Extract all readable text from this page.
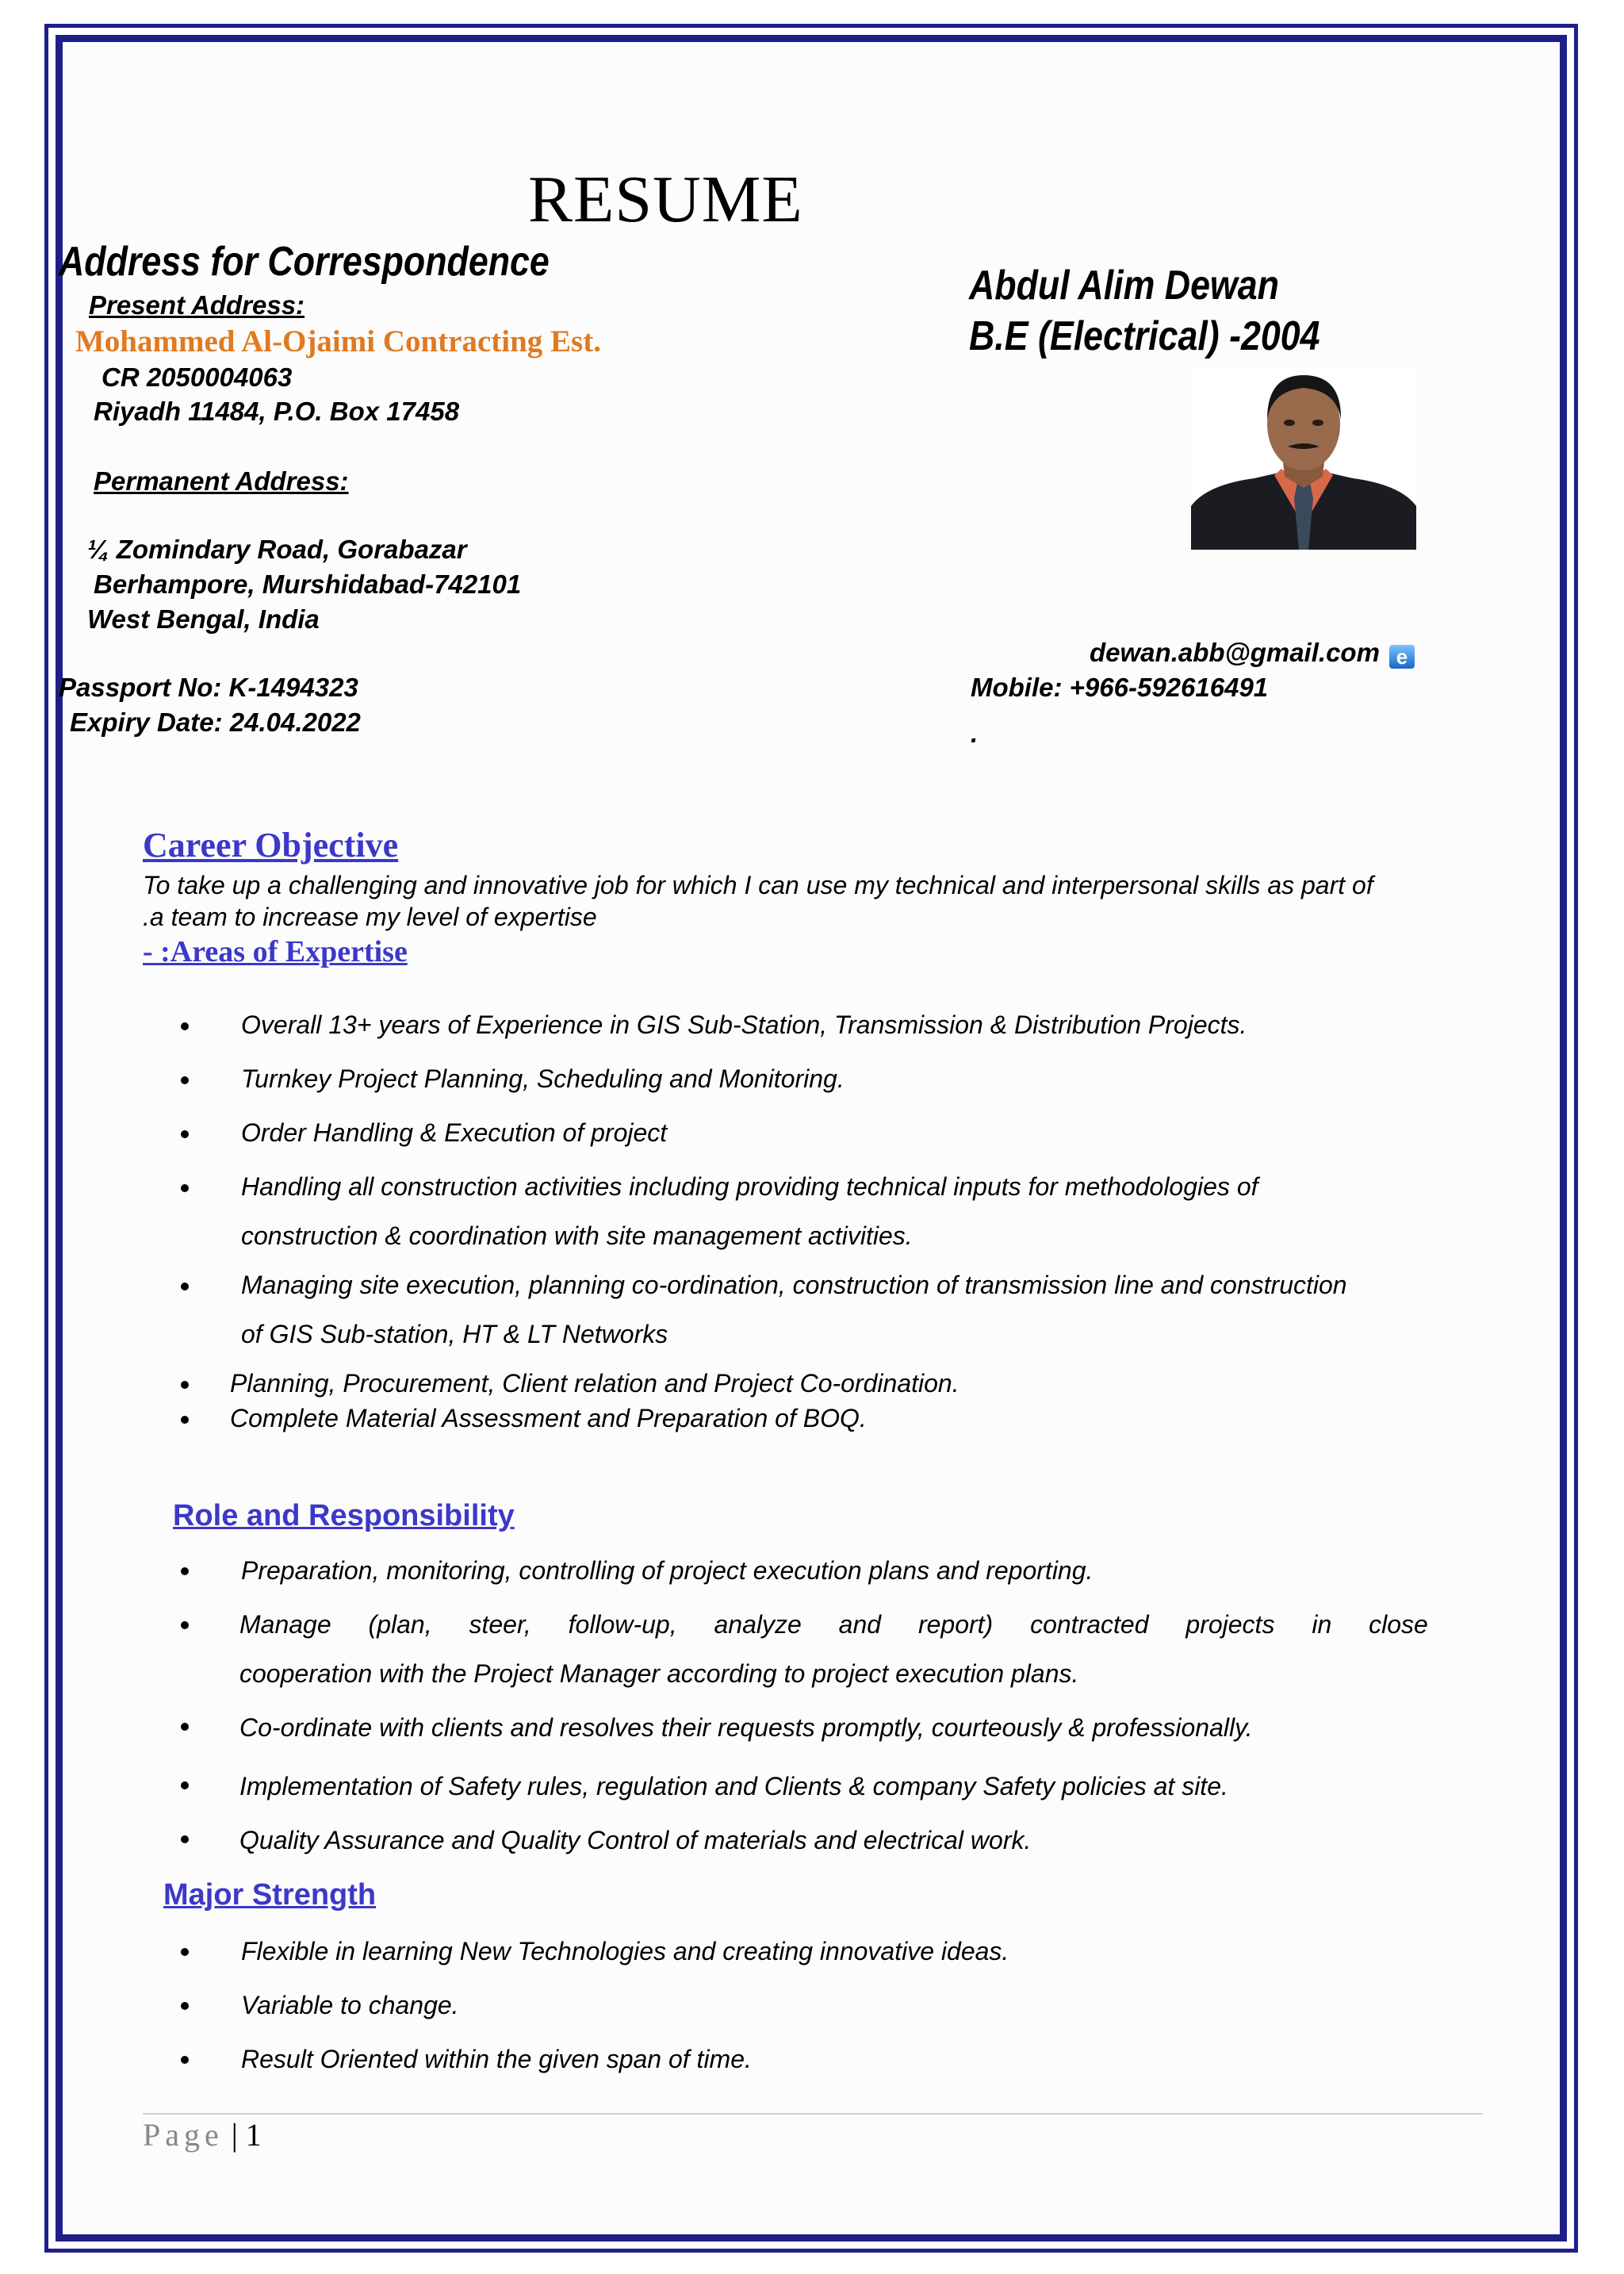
RESUME
Address for Correspondence
Present Address:
Mohammed Al-Ojaimi Contracting Est.
CR 2050004063
Riyadh 11484, P.O. Box 17458
Permanent Address:
¼ Zomindary Road, Gorabazar
Berhampore, Murshidabad-742101
West Bengal, India
Passport No: K-1494323
Expiry Date: 24.04.2022
Abdul Alim Dewan
B.E (Electrical) -2004
dewan.abb@gmail.com e
Mobile: +966-592616491
.
Career Objective
To take up a challenging and innovative job for which I can use my technical and interpersonal skills as part of
.a team to increase my level of expertise
- :Areas of Expertise
Overall 13+ years of Experience in GIS Sub-Station, Transmission & Distribution Projects.
Turnkey Project Planning, Scheduling and Monitoring.
Order Handling & Execution of project
Handling all construction activities including providing technical inputs for methodologies of
construction & coordination with site management activities.
Managing site execution, planning co-ordination, construction of transmission line and construction
of GIS Sub-station, HT & LT Networks
Planning, Procurement, Client relation and Project Co-ordination.
Complete Material Assessment and Preparation of BOQ.
Role and Responsibility
Preparation, monitoring, controlling of project execution plans and reporting.
Manage (plan, steer, follow-up, analyze and report) contracted projects in close
cooperation with the Project Manager according to project execution plans.
Co-ordinate with clients and resolves their requests promptly, courteously & professionally.
Implementation of Safety rules, regulation and Clients & company Safety policies at site.
Quality Assurance and Quality Control of materials and electrical work.
Major Strength
Flexible in learning New Technologies and creating innovative ideas.
Variable to change.
Result Oriented within the given span of time.
Page | 1
